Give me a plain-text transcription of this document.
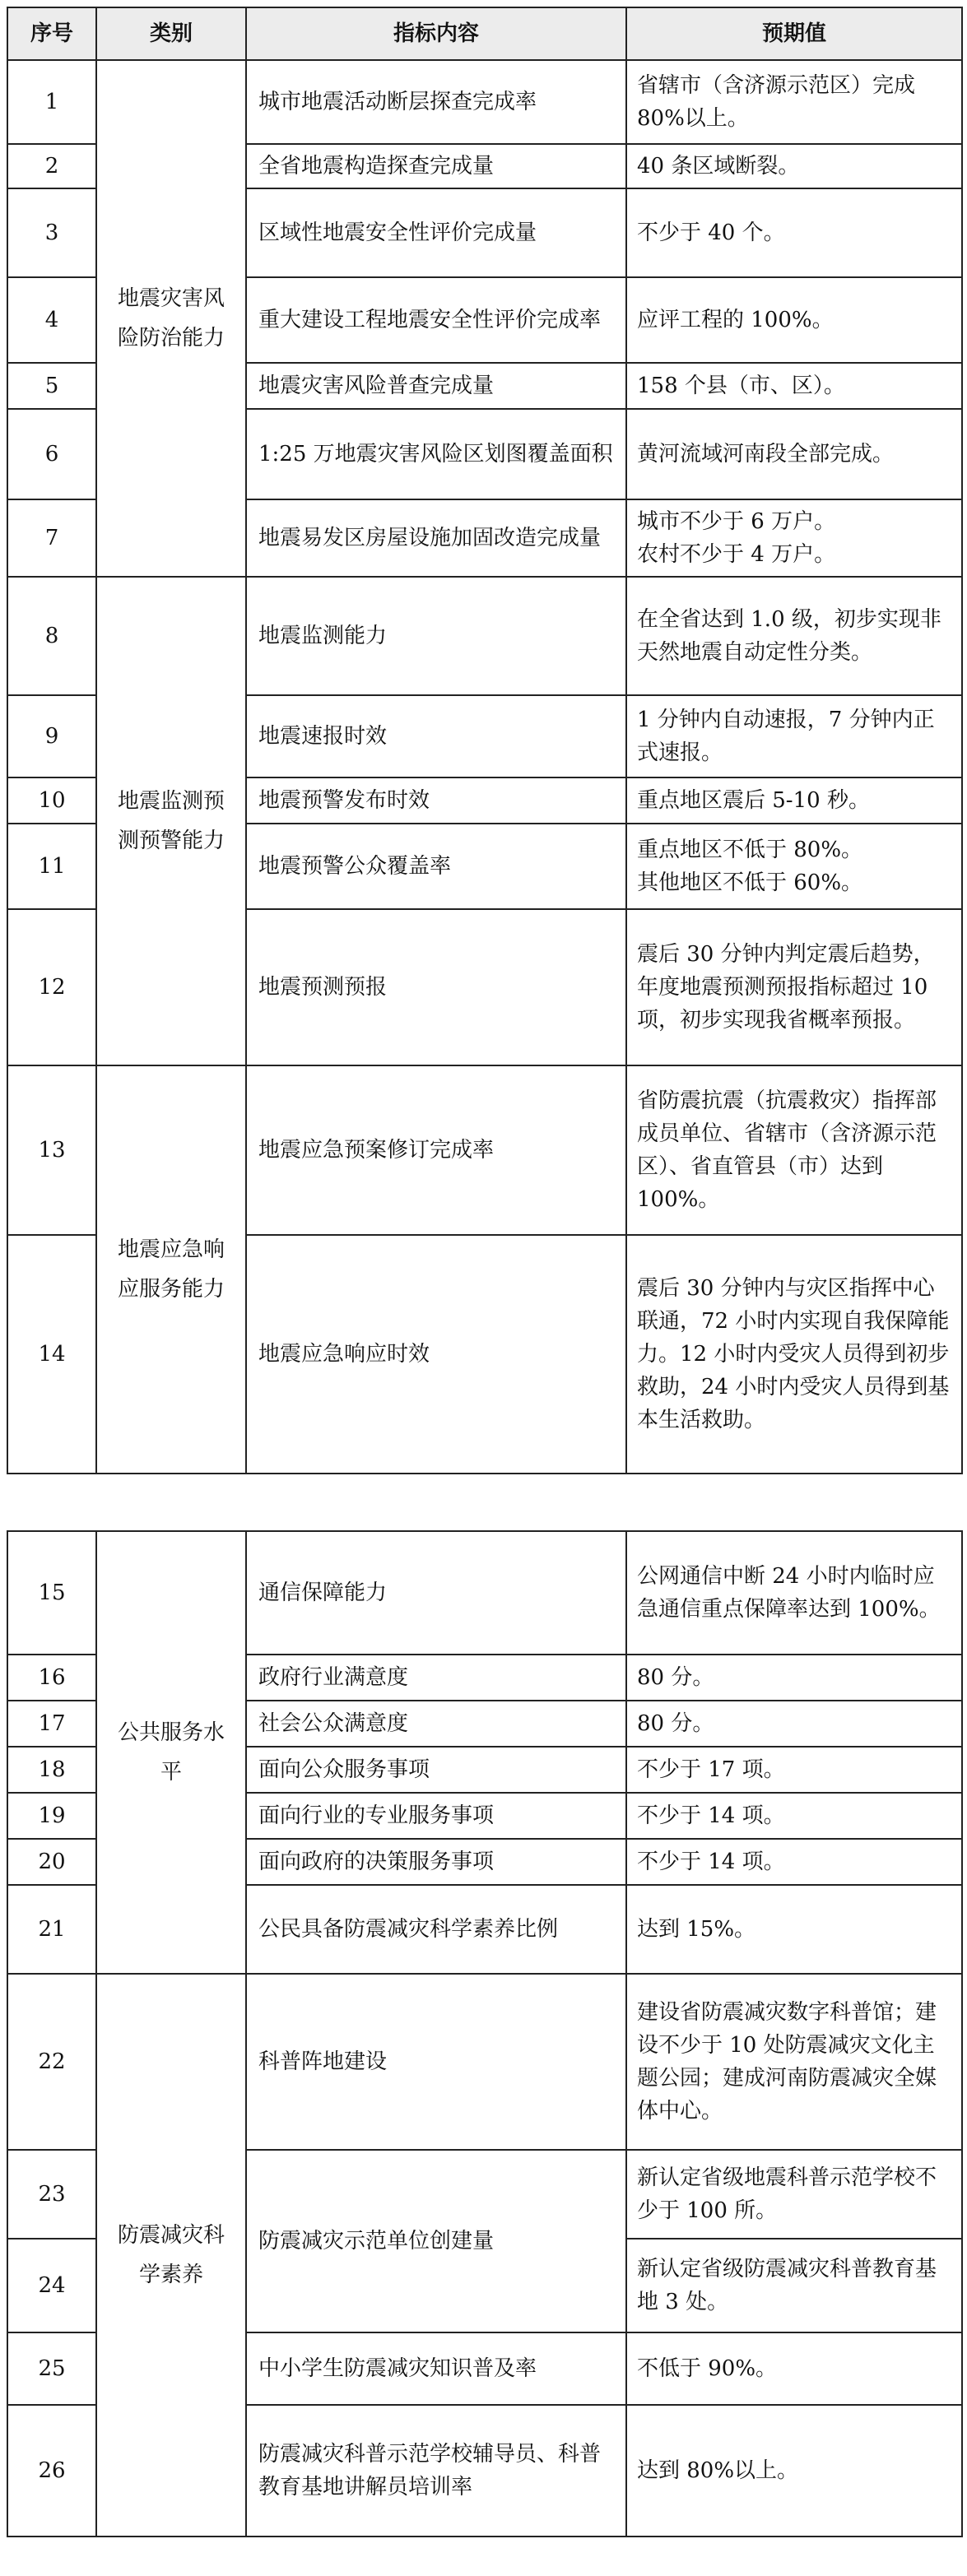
序号	类别	指标内容	预期值
1	地震灾害风险防治能力	城市地震活动断层探查完成率	省辖市（含济源示范区）完成 80%以上。
2		全省地震构造探查完成量	40 条区域断裂。
3		区域性地震安全性评价完成量	不少于 40 个。
4		重大建设工程地震安全性评价完成率	应评工程的 100%。
5		地震灾害风险普查完成量	158 个县（市、区）。
6		1:25 万地震灾害风险区划图覆盖面积	黄河流域河南段全部完成。
7		地震易发区房屋设施加固改造完成量	城市不少于 6 万户。
农村不少于 4 万户。

8	地震监测预测预警能力	地震监测能力	在全省达到 1.0 级，初步实现非天然地震自动定性分类。
9		地震速报时效	1 分钟内自动速报，7 分钟内正式速报。
10		地震预警发布时效	重点地区震后 5-10 秒。
11		地震预警公众覆盖率	重点地区不低于 80%。
其他地区不低于 60%。

12		地震预测预报	震后 30 分钟内判定震后趋势，年度地震预测预报指标超过 10 项，初步实现我省概率预报。
13	地震应急响应服务能力	地震应急预案修订完成率	省防震抗震（抗震救灾）指挥部成员单位、省辖市（含济源示范区）、省直管县（市）达到 100%。
14		地震应急响应时效	震后 30 分钟内与灾区指挥中心联通，72 小时内实现自我保障能力。12 小时内受灾人员得到初步救助，24 小时内受灾人员得到基本生活救助。
15	公共服务水平	通信保障能力	公网通信中断 24 小时内临时应急通信重点保障率达到 100%。
16		政府行业满意度	80 分。
17		社会公众满意度	80 分。
18		面向公众服务事项	不少于 17 项。
19		面向行业的专业服务事项	不少于 14 项。
20		面向政府的决策服务事项	不少于 14 项。
21		公民具备防震减灾科学素养比例	达到 15%。
22	防震减灾科学素养	科普阵地建设	建设省防震减灾数字科普馆；建设不少于 10 处防震减灾文化主题公园；建成河南防震减灾全媒体中心。
23		防震减灾示范单位创建量	新认定省级地震科普示范学校不少于 100 所。
24			新认定省级防震减灾科普教育基地 3 处。
25		中小学生防震减灾知识普及率	不低于 90%。
26		防震减灾科普示范学校辅导员、科普教育基地讲解员培训率	达到 80%以上。
